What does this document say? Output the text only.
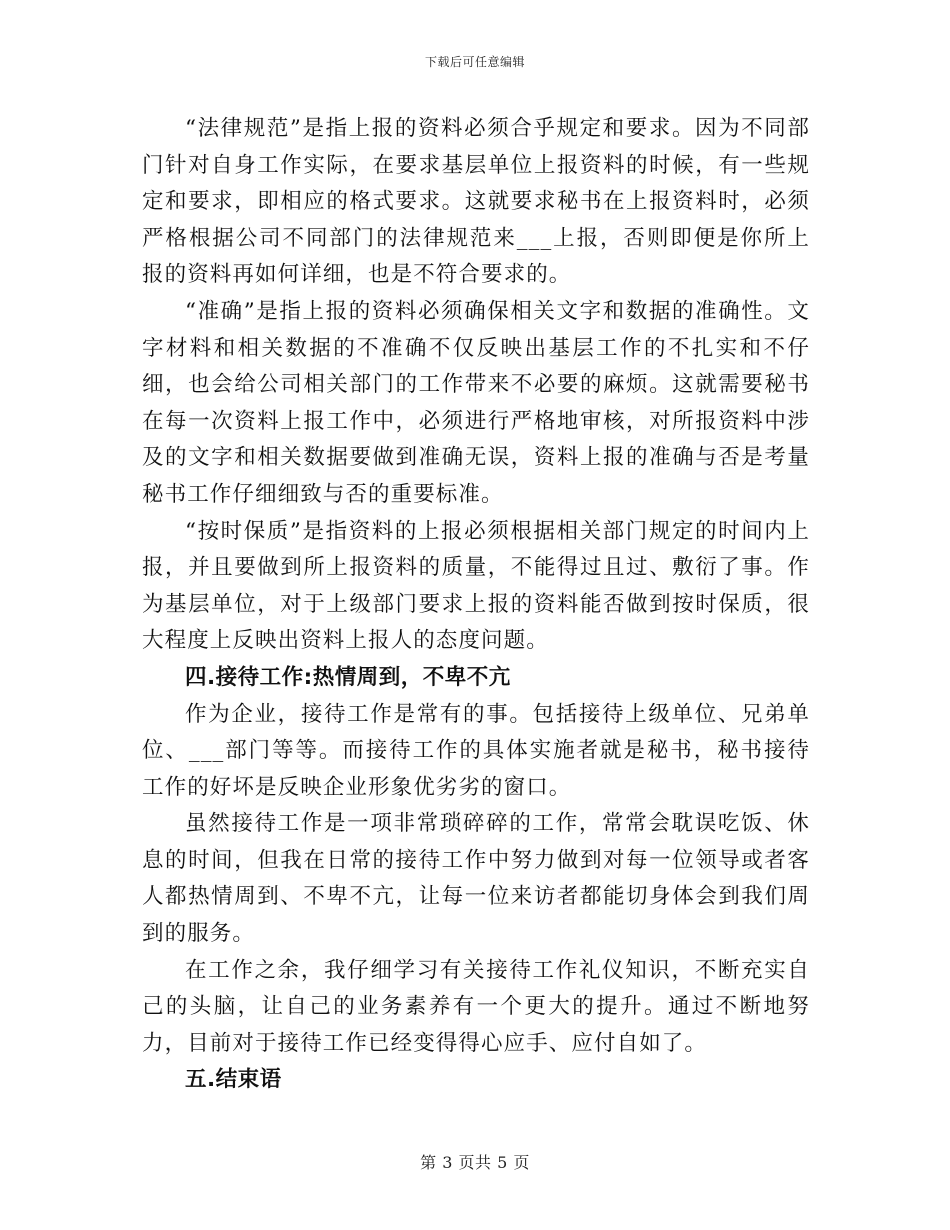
下载后可任意编辑

“法律规范”是指上报的资料必须合乎规定和要求。因为不同部门针对自身工作实际，在要求基层单位上报资料的时候，有一些规定和要求，即相应的格式要求。这就要求秘书在上报资料时，必须严格根据公司不同部门的法律规范来___上报，否则即便是你所上报的资料再如何详细，也是不符合要求的。

“准确”是指上报的资料必须确保相关文字和数据的准确性。文字材料和相关数据的不准确不仅反映出基层工作的不扎实和不仔细，也会给公司相关部门的工作带来不必要的麻烦。这就需要秘书在每一次资料上报工作中，必须进行严格地审核，对所报资料中涉及的文字和相关数据要做到准确无误，资料上报的准确与否是考量秘书工作仔细细致与否的重要标准。

“按时保质”是指资料的上报必须根据相关部门规定的时间内上报，并且要做到所上报资料的质量，不能得过且过、敷衍了事。作为基层单位，对于上级部门要求上报的资料能否做到按时保质，很大程度上反映出资料上报人的态度问题。

四.接待工作:热情周到，不卑不亢

作为企业，接待工作是常有的事。包括接待上级单位、兄弟单位、___部门等等。而接待工作的具体实施者就是秘书，秘书接待工作的好坏是反映企业形象优劣劣的窗口。

虽然接待工作是一项非常琐碎碎的工作，常常会耽误吃饭、休息的时间，但我在日常的接待工作中努力做到对每一位领导或者客人都热情周到、不卑不亢，让每一位来访者都能切身体会到我们周到的服务。

在工作之余，我仔细学习有关接待工作礼仪知识，不断充实自己的头脑，让自己的业务素养有一个更大的提升。通过不断地努力，目前对于接待工作已经变得得心应手、应付自如了。

五.结束语

第 3 页共 5 页
